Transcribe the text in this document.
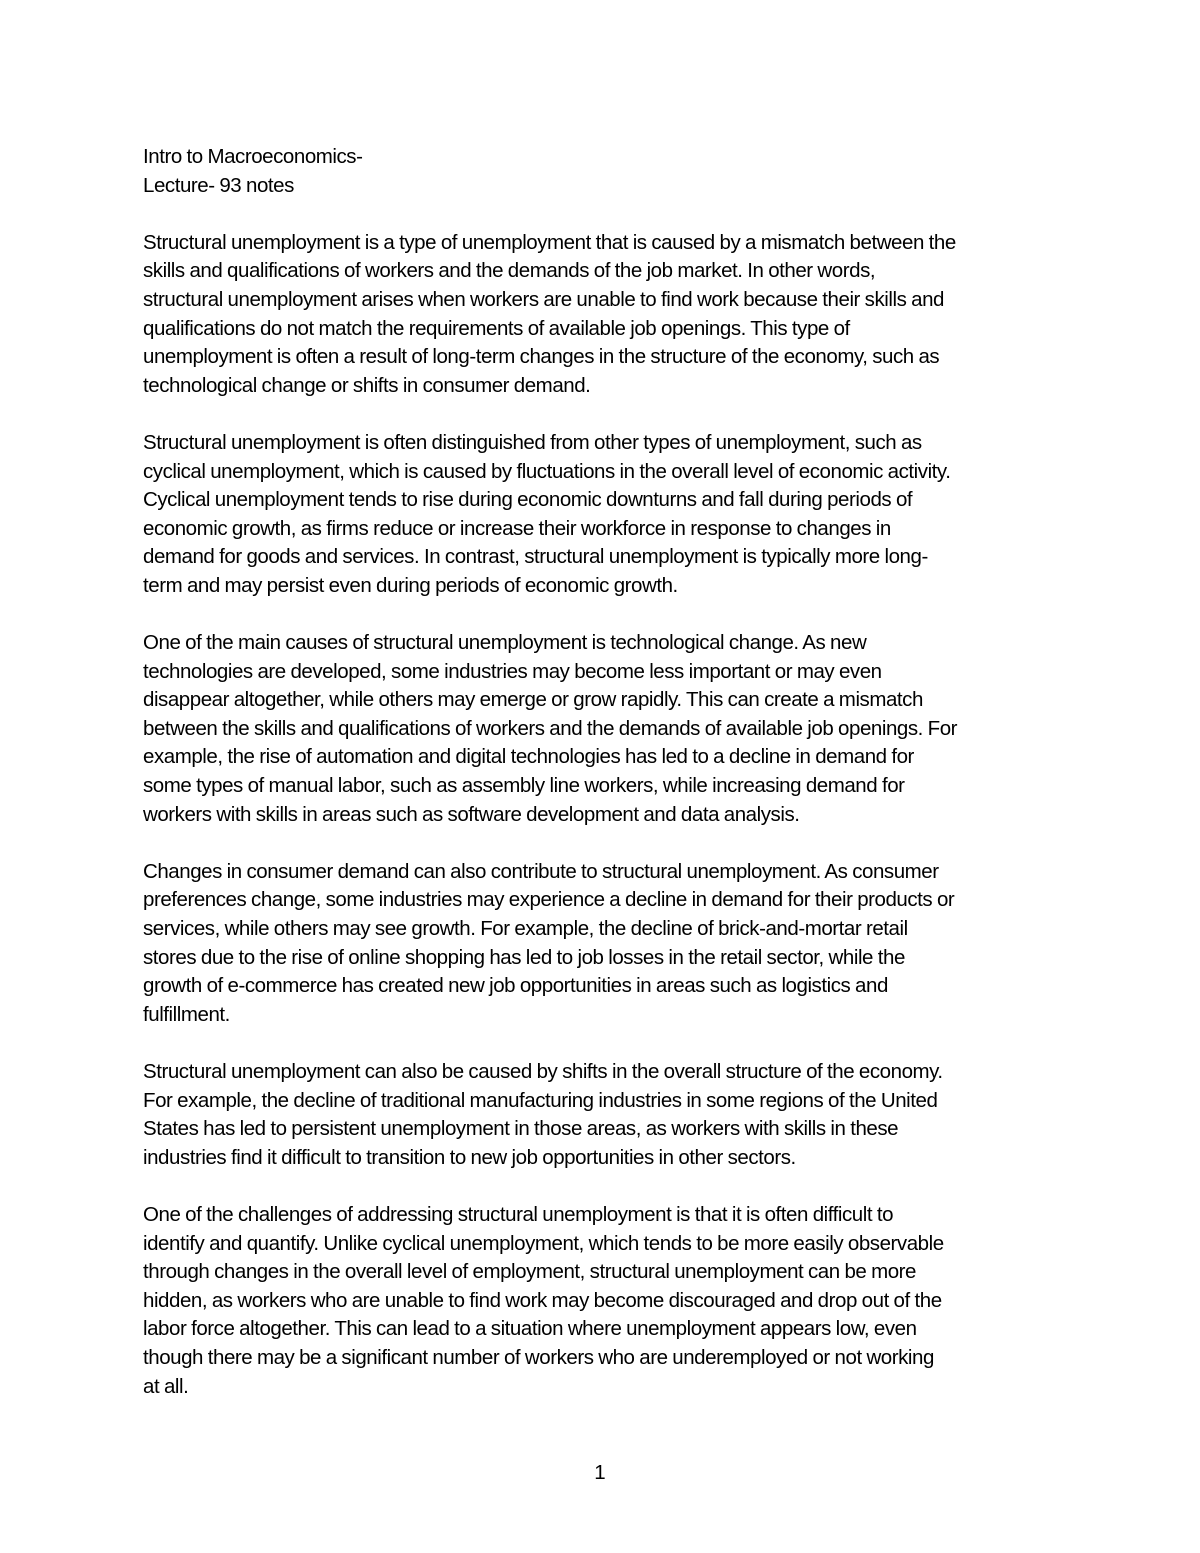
Intro to Macroeconomics-
Lecture- 93 notes

Structural unemployment is a type of unemployment that is caused by a mismatch between the
skills and qualifications of workers and the demands of the job market. In other words,
structural unemployment arises when workers are unable to find work because their skills and
qualifications do not match the requirements of available job openings. This type of
unemployment is often a result of long-term changes in the structure of the economy, such as
technological change or shifts in consumer demand.

Structural unemployment is often distinguished from other types of unemployment, such as
cyclical unemployment, which is caused by fluctuations in the overall level of economic activity.
Cyclical unemployment tends to rise during economic downturns and fall during periods of
economic growth, as firms reduce or increase their workforce in response to changes in
demand for goods and services. In contrast, structural unemployment is typically more long-
term and may persist even during periods of economic growth.

One of the main causes of structural unemployment is technological change. As new
technologies are developed, some industries may become less important or may even
disappear altogether, while others may emerge or grow rapidly. This can create a mismatch
between the skills and qualifications of workers and the demands of available job openings. For
example, the rise of automation and digital technologies has led to a decline in demand for
some types of manual labor, such as assembly line workers, while increasing demand for
workers with skills in areas such as software development and data analysis.

Changes in consumer demand can also contribute to structural unemployment. As consumer
preferences change, some industries may experience a decline in demand for their products or
services, while others may see growth. For example, the decline of brick-and-mortar retail
stores due to the rise of online shopping has led to job losses in the retail sector, while the
growth of e-commerce has created new job opportunities in areas such as logistics and
fulfillment.

Structural unemployment can also be caused by shifts in the overall structure of the economy.
For example, the decline of traditional manufacturing industries in some regions of the United
States has led to persistent unemployment in those areas, as workers with skills in these
industries find it difficult to transition to new job opportunities in other sectors.

One of the challenges of addressing structural unemployment is that it is often difficult to
identify and quantify. Unlike cyclical unemployment, which tends to be more easily observable
through changes in the overall level of employment, structural unemployment can be more
hidden, as workers who are unable to find work may become discouraged and drop out of the
labor force altogether. This can lead to a situation where unemployment appears low, even
though there may be a significant number of workers who are underemployed or not working
at all.

1
